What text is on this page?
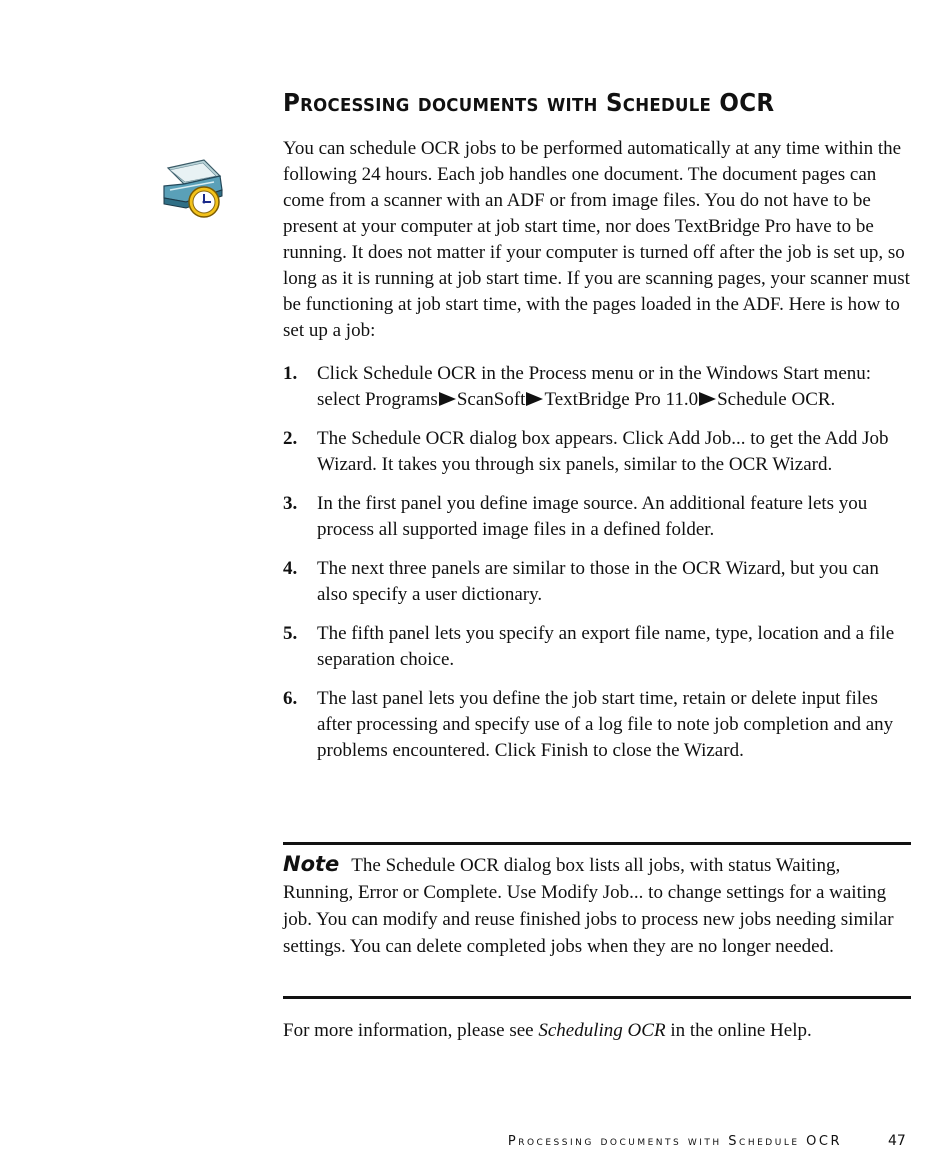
Processing documents with Schedule OCR

You can schedule OCR jobs to be performed automatically at any time within the following 24 hours. Each job handles one document. The document pages can come from a scanner with an ADF or from image files. You do not have to be present at your computer at job start time, nor does TextBridge Pro have to be running. It does not matter if your computer is turned off after the job is set up, so long as it is running at job start time. If you are scanning pages, your scanner must be functioning at job start time, with the pages loaded in the ADF. Here is how to set up a job:

1. Click Schedule OCR in the Process menu or in the Windows Start menu: select Programs ScanSoft TextBridge Pro 11.0 Schedule OCR.
2. The Schedule OCR dialog box appears. Click Add Job... to get the Add Job Wizard. It takes you through six panels, similar to the OCR Wizard.
3. In the first panel you define image source. An additional feature lets you process all supported image files in a defined folder.
4. The next three panels are similar to those in the OCR Wizard, but you can also specify a user dictionary.
5. The fifth panel lets you specify an export file name, type, location and a file separation choice.
6. The last panel lets you define the job start time, retain or delete input files after processing and specify use of a log file to note job completion and any problems encountered. Click Finish to close the Wizard.

Note The Schedule OCR dialog box lists all jobs, with status Waiting, Running, Error or Complete. Use Modify Job... to change settings for a waiting job. You can modify and reuse finished jobs to process new jobs needing similar settings. You can delete completed jobs when they are no longer needed.

For more information, please see Scheduling OCR in the online Help.

Processing documents with Schedule OCR	47
